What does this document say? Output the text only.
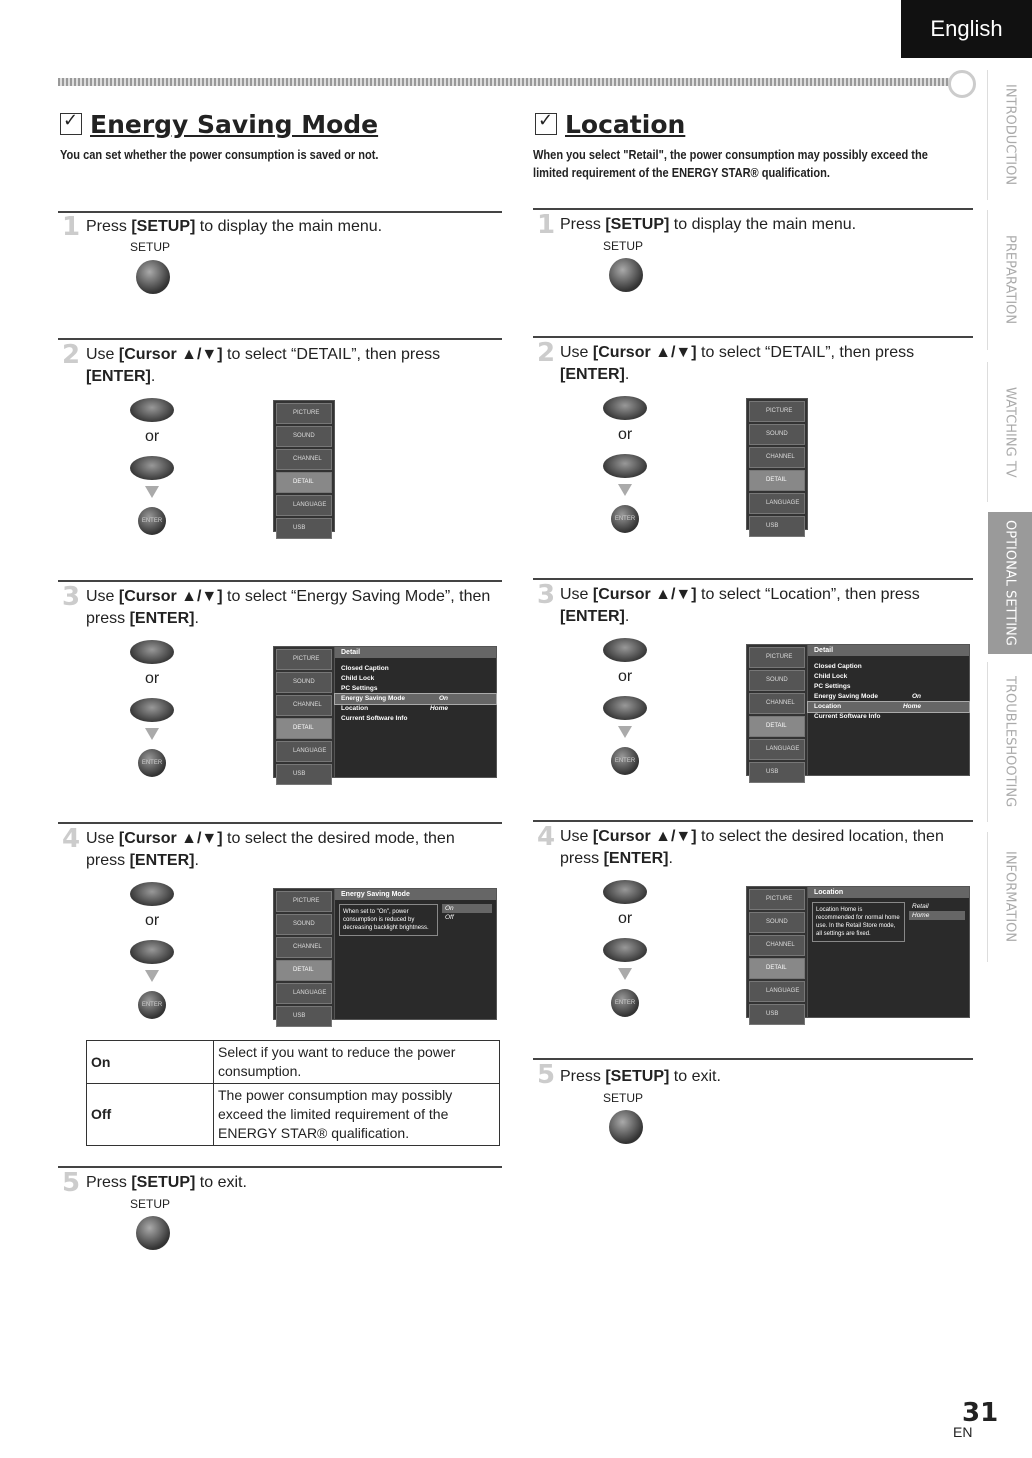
English
INTRODUCTION
PREPARATION
WATCHING TV
OPTIONAL SETTING
TROUBLESHOOTING
INFORMATION
✓Energy Saving Mode
You can set whether the power consumption is saved or not.
1 Press [SETUP] to display the main menu.
SETUP
2 Use [Cursor ▲/▼] to select “DETAIL”, then press
[ENTER].
or
ENTER
PICTURE
SOUND
CHANNEL
DETAIL
LANGUAGE
USB
3 Use [Cursor ▲/▼] to select “Energy Saving Mode”, then press [ENTER].
or
ENTER
PICTURE
SOUND
CHANNEL
DETAIL
LANGUAGE
USB
Detail
Closed Caption
Child Lock
PC Settings
Energy Saving Mode	On
Location	Home
Current Software Info
4 Use [Cursor ▲/▼] to select the desired mode, then press [ENTER].
or
ENTER
PICTURE
SOUND
CHANNEL
DETAIL
LANGUAGE
USB
Energy Saving Mode
When set to "On", power consumption is reduced by decreasing backlight brightness.
On
Off
On	Select if you want to reduce the power consumption.
Off	The power consumption may possibly exceed the limited requirement of the ENERGY STAR® qualification.
5 Press [SETUP] to exit.
SETUP
✓Location
When you select "Retail", the power consumption may possibly exceed the limited requirement of the ENERGY STAR® qualification.
1 Press [SETUP] to display the main menu.
SETUP
2 Use [Cursor ▲/▼] to select “DETAIL”, then press
[ENTER].
or
ENTER
PICTURE
SOUND
CHANNEL
DETAIL
LANGUAGE
USB
3 Use [Cursor ▲/▼] to select “Location”, then press
[ENTER].
or
ENTER
PICTURE
SOUND
CHANNEL
DETAIL
LANGUAGE
USB
Detail
Closed Caption
Child Lock
PC Settings
Energy Saving Mode	On
Location	Home
Current Software Info
4 Use [Cursor ▲/▼] to select the desired location, then press [ENTER].
or
ENTER
PICTURE
SOUND
CHANNEL
DETAIL
LANGUAGE
USB
Location
Location Home is recommended for normal home use. In the Retail Store mode, all settings are fixed.
Retail
Home
5 Press [SETUP] to exit.
SETUP
31
EN
